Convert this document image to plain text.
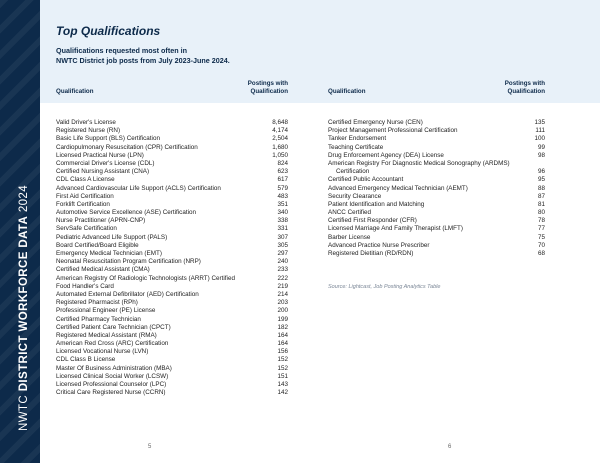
NWTC DISTRICT WORKFORCE DATA 2024
Top Qualifications
Qualifications requested most often in
NWTC District job posts from July 2023-June 2024.
Postings with
Qualification
Qualification
Postings with
Qualification
Qualification
Valid Driver's License	8,648
Registered Nurse (RN)	4,174
Basic Life Support (BLS) Certification	2,504
Cardiopulmonary Resuscitation (CPR) Certification	1,680
Licensed Practical Nurse (LPN)	1,050
Commercial Driver's License (CDL)	824
Certified Nursing Assistant (CNA)	623
CDL Class A License	617
Advanced Cardiovascular Life Support (ACLS) Certification	579
First Aid Certification	483
Forklift Certification	351
Automotive Service Excellence (ASE) Certification	340
Nurse Practitioner (APRN-CNP)	338
ServSafe Certification	331
Pediatric Advanced Life Support (PALS)	307
Board Certified/Board Eligible	305
Emergency Medical Technician (EMT)	297
Neonatal Resuscitation Program Certification (NRP)	240
Certified Medical Assistant (CMA)	233
American Registry Of Radiologic Technologists (ARRT) Certified	222
Food Handler's Card	219
Automated External Defibrillator (AED) Certification	214
Registered Pharmacist (RPh)	203
Professional Engineer (PE) License	200
Certified Pharmacy Technician	199
Certified Patient Care Technician (CPCT)	182
Registered Medical Assistant (RMA)	164
American Red Cross (ARC) Certification	164
Licensed Vocational Nurse (LVN)	156
CDL Class B License	152
Master Of Business Administration (MBA)	152
Licensed Clinical Social Worker (LCSW)	151
Licensed Professional Counselor (LPC)	143
Critical Care Registered Nurse (CCRN)	142
Certified Emergency Nurse (CEN)	135
Project Management Professional Certification	111
Tanker Endorsement	100
Teaching Certificate	99
Drug Enforcement Agency (DEA) License	98
American Registry For Diagnostic Medical Sonography (ARDMS)
Certification	96
Certified Public Accountant	95
Advanced Emergency Medical Technician (AEMT)	88
Security Clearance	87
Patient Identification and Matching	81
ANCC Certified	80
Certified First Responder (CFR)	78
Licensed Marriage And Family Therapist (LMFT)	77
Barber License	75
Advanced Practice Nurse Prescriber	70
Registered Dietitian (RD/RDN)	68
Source: Lightcast, Job Posting Analytics Table
5	6
